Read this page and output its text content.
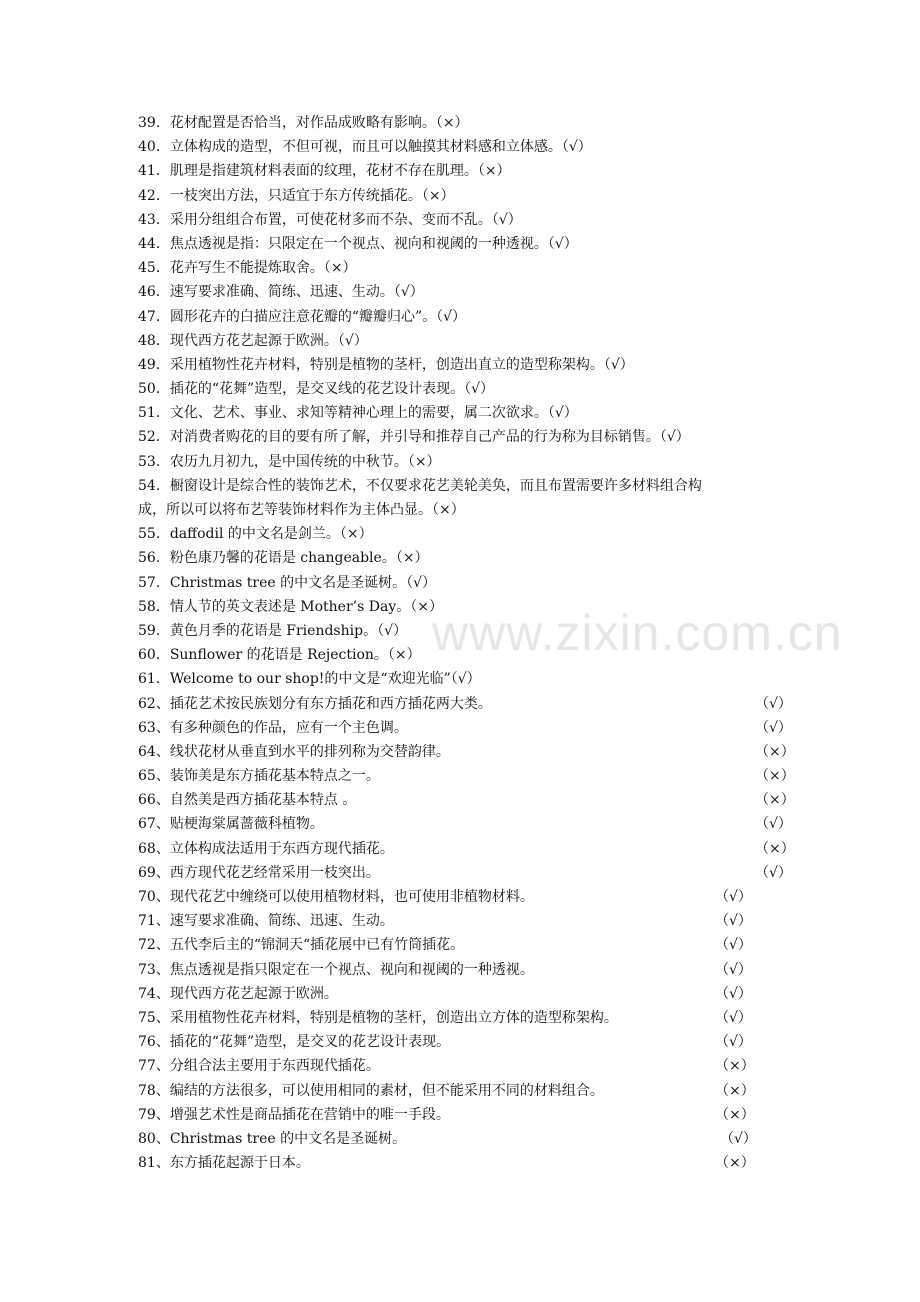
www.zixin.com.cn
39．花材配置是否恰当，对作品成败略有影响。（×）
40．立体构成的造型，不但可视，而且可以触摸其材料感和立体感。（√）
41．肌理是指建筑材料表面的纹理，花材不存在肌理。（×）
42．一枝突出方法，只适宜于东方传统插花。（×）
43．采用分组组合布置，可使花材多而不杂、变而不乱。（√）
44．焦点透视是指：只限定在一个视点、视向和视阈的一种透视。（√）
45．花卉写生不能提炼取舍。（×）
46．速写要求准确、简练、迅速、生动。（√）
47．圆形花卉的白描应注意花瓣的“瓣瓣归心”。（√）
48．现代西方花艺起源于欧洲。（√）
49．采用植物性花卉材料，特别是植物的茎杆，创造出直立的造型称架构。（√）
50．插花的“花舞”造型，是交叉线的花艺设计表现。（√）
51．文化、艺术、事业、求知等精神心理上的需要，属二次欲求。（√）
52．对消费者购花的目的要有所了解，并引导和推荐自己产品的行为称为目标销售。（√）
53．农历九月初九，是中国传统的中秋节。（×）
54．橱窗设计是综合性的装饰艺术，不仅要求花艺美轮美奂，而且布置需要许多材料组合构
成，所以可以将布艺等装饰材料作为主体凸显。（×）
55．daffodil 的中文名是剑兰。（×）
56．粉色康乃馨的花语是 changeable。（×）
57．Christmas tree 的中文名是圣诞树。（√）
58．情人节的英文表述是 Mother’s Day。（×）
59．黄色月季的花语是 Friendship。（√）
60．Sunflower 的花语是 Rejection。（×）
61．Welcome to our shop!的中文是“欢迎光临”（√）
62、插花艺术按民族划分有东方插花和西方插花两大类。	（√）
63、有多种颜色的作品，应有一个主色调。	（√）
64、线状花材从垂直到水平的排列称为交替韵律。	（×）
65、装饰美是东方插花基本特点之一。	（×）
66、自然美是西方插花基本特点 。	（×）
67、贴梗海棠属蔷薇科植物。	（√）
68、立体构成法适用于东西方现代插花。	（×）
69、西方现代花艺经常采用一枝突出。	（√）
70、现代花艺中缠绕可以使用植物材料，也可使用非植物材料。	（√）
71、速写要求准确、简练、迅速、生动。	（√）
72、五代李后主的“锦洞天“插花展中已有竹筒插花。	（√）
73、焦点透视是指只限定在一个视点、视向和视阈的一种透视。	（√）
74、现代西方花艺起源于欧洲。	（√）
75、采用植物性花卉材料，特别是植物的茎杆，创造出立方体的造型称架构。	（√）
76、插花的“花舞”造型，是交叉的花艺设计表现。	（√）
77、分组合法主要用于东西现代插花。	（×）
78、编结的方法很多，可以使用相同的素材，但不能采用不同的材料组合。	（×）
79、增强艺术性是商品插花在营销中的唯一手段。	（×）
80、Christmas tree 的中文名是圣诞树。	（√）
81、东方插花起源于日本。	（×）
